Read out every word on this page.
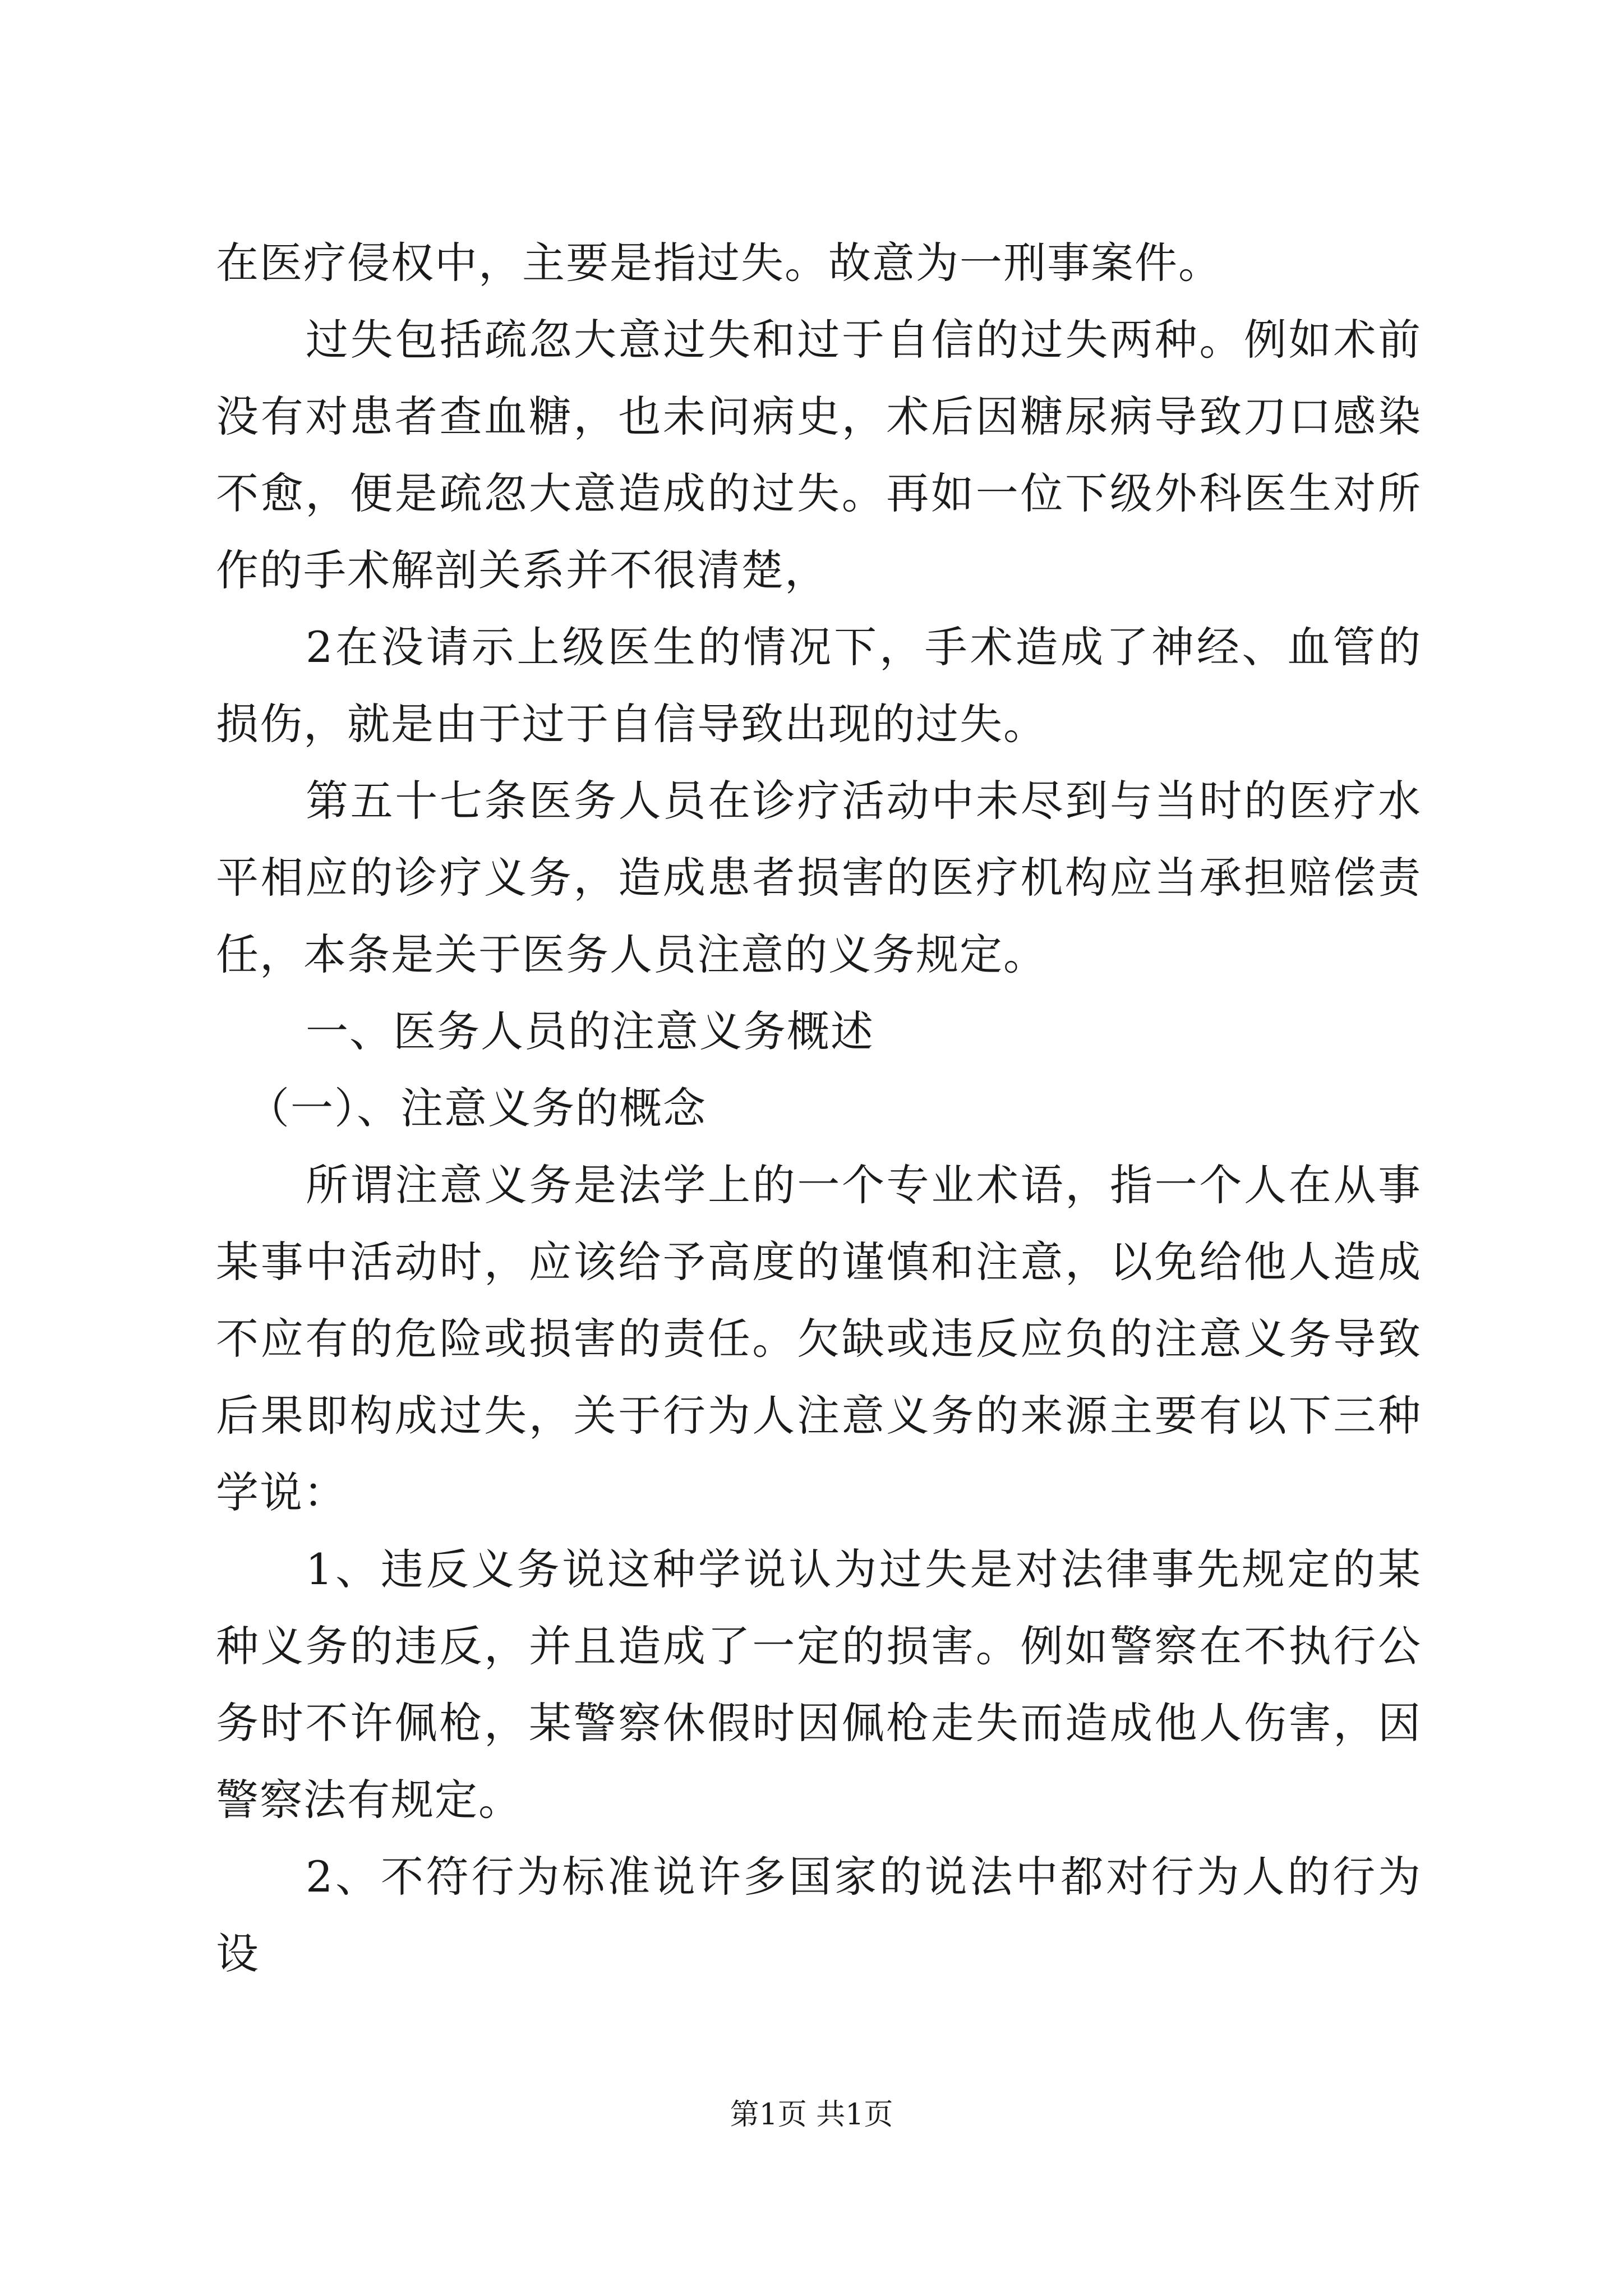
在医疗侵权中，主要是指过失。故意为一刑事案件。

过失包括疏忽大意过失和过于自信的过失两种。例如术前没有对患者查血糖，也未问病史，术后因糖尿病导致刀口感染不愈，便是疏忽大意造成的过失。再如一位下级外科医生对所作的手术解剖关系并不很清楚，

2在没请示上级医生的情况下，手术造成了神经、血管的损伤，就是由于过于自信导致出现的过失。

第五十七条医务人员在诊疗活动中未尽到与当时的医疗水平相应的诊疗义务，造成患者损害的医疗机构应当承担赔偿责任，本条是关于医务人员注意的义务规定。

一、医务人员的注意义务概述

（一）、注意义务的概念

所谓注意义务是法学上的一个专业术语，指一个人在从事某事中活动时，应该给予高度的谨慎和注意，以免给他人造成不应有的危险或损害的责任。欠缺或违反应负的注意义务导致后果即构成过失，关于行为人注意义务的来源主要有以下三种学说：

1、违反义务说这种学说认为过失是对法律事先规定的某种义务的违反，并且造成了一定的损害。例如警察在不执行公务时不许佩枪，某警察休假时因佩枪走失而造成他人伤害，因警察法有规定。

2、不符行为标准说许多国家的说法中都对行为人的行为设

第1页 共1页
